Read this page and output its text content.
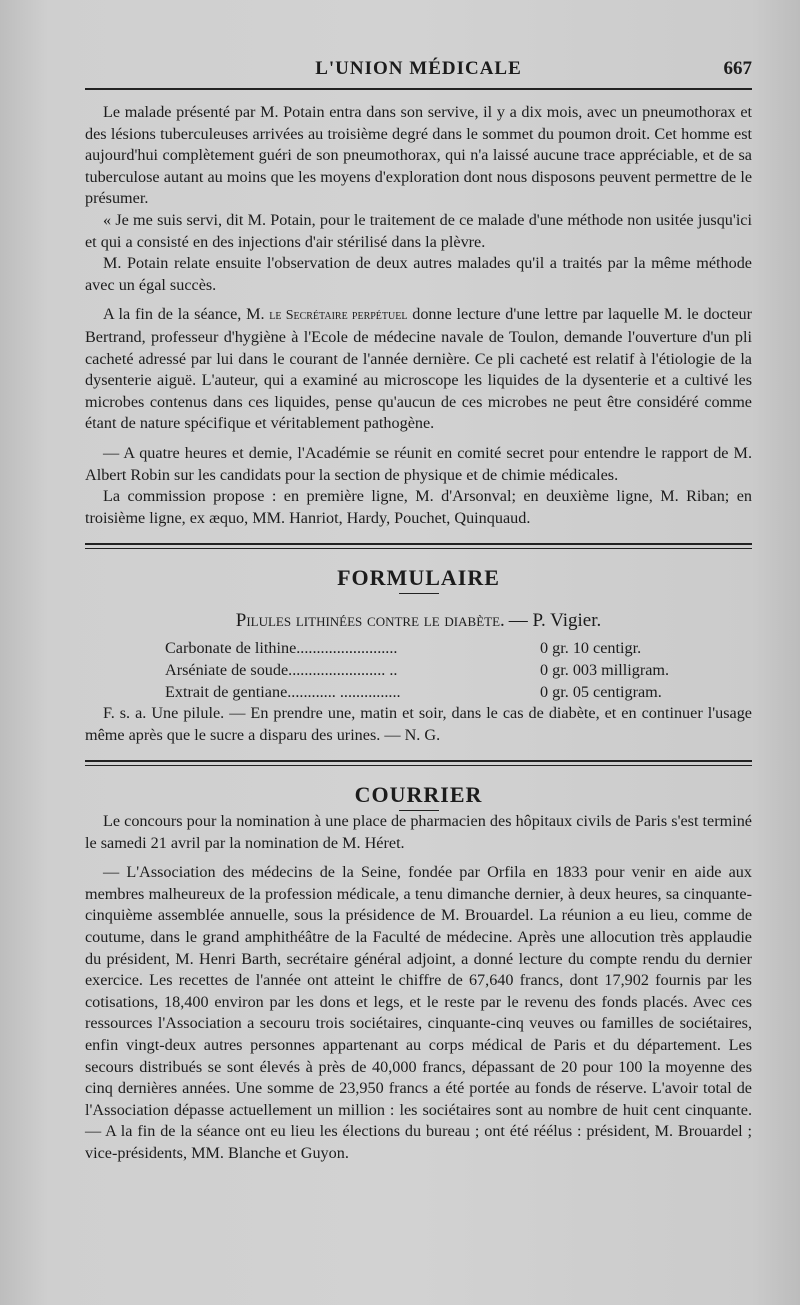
L'UNION MÉDICALE	667

Le malade présenté par M. Potain entra dans son servive, il y a dix mois, avec un pneumothorax et des lésions tuberculeuses arrivées au troisième degré dans le sommet du poumon droit. Cet homme est aujourd'hui complètement guéri de son pneumothorax, qui n'a laissé aucune trace appréciable, et de sa tuberculose autant au moins que les moyens d'exploration dont nous disposons peuvent permettre de le présumer.

« Je me suis servi, dit M. Potain, pour le traitement de ce malade d'une méthode non usitée jusqu'ici et qui a consisté en des injections d'air stérilisé dans la plèvre.

M. Potain relate ensuite l'observation de deux autres malades qu'il a traités par la même méthode avec un égal succès.

A la fin de la séance, M. le Secrétaire perpétuel donne lecture d'une lettre par laquelle M. le docteur Bertrand, professeur d'hygiène à l'Ecole de médecine navale de Toulon, demande l'ouverture d'un pli cacheté adressé par lui dans le courant de l'année dernière. Ce pli cacheté est relatif à l'étiologie de la dysenterie aiguë. L'auteur, qui a examiné au microscope les liquides de la dysenterie et a cultivé les microbes contenus dans ces liquides, pense qu'aucun de ces microbes ne peut être considéré comme étant de nature spécifique et véritablement pathogène.

— A quatre heures et demie, l'Académie se réunit en comité secret pour entendre le rapport de M. Albert Robin sur les candidats pour la section de physique et de chimie médicales.

La commission propose : en première ligne, M. d'Arsonval; en deuxième ligne, M. Riban; en troisième ligne, ex æquo, MM. Hanriot, Hardy, Pouchet, Quinquaud.

FORMULAIRE
Pilules lithinées contre le diabète. — P. Vigier.
Carbonate de lithine.........................	0 gr. 10 centigr.
Arséniate de soude........................ ..	0 gr. 003 milligram.
Extrait de gentiane............ ...............	0 gr. 05 centigram.

F. s. a. Une pilule. — En prendre une, matin et soir, dans le cas de diabète, et en continuer l'usage même après que le sucre a disparu des urines. — N. G.

COURRIER

Le concours pour la nomination à une place de pharmacien des hôpitaux civils de Paris s'est terminé le samedi 21 avril par la nomination de M. Héret.

— L'Association des médecins de la Seine, fondée par Orfila en 1833 pour venir en aide aux membres malheureux de la profession médicale, a tenu dimanche dernier, à deux heures, sa cinquante-cinquième assemblée annuelle, sous la présidence de M. Brouardel. La réunion a eu lieu, comme de coutume, dans le grand amphithéâtre de la Faculté de médecine. Après une allocution très applaudie du président, M. Henri Barth, secrétaire général adjoint, a donné lecture du compte rendu du dernier exercice. Les recettes de l'année ont atteint le chiffre de 67,640 francs, dont 17,902 fournis par les cotisations, 18,400 environ par les dons et legs, et le reste par le revenu des fonds placés. Avec ces ressources l'Association a secouru trois sociétaires, cinquante-cinq veuves ou familles de sociétaires, enfin vingt-deux autres personnes appartenant au corps médical de Paris et du département. Les secours distribués se sont élevés à près de 40,000 francs, dépassant de 20 pour 100 la moyenne des cinq dernières années. Une somme de 23,950 francs a été portée au fonds de réserve. L'avoir total de l'Association dépasse actuellement un million : les sociétaires sont au nombre de huit cent cinquante. — A la fin de la séance ont eu lieu les élections du bureau ; ont été réélus : président, M. Brouardel ; vice-présidents, MM. Blanche et Guyon.
